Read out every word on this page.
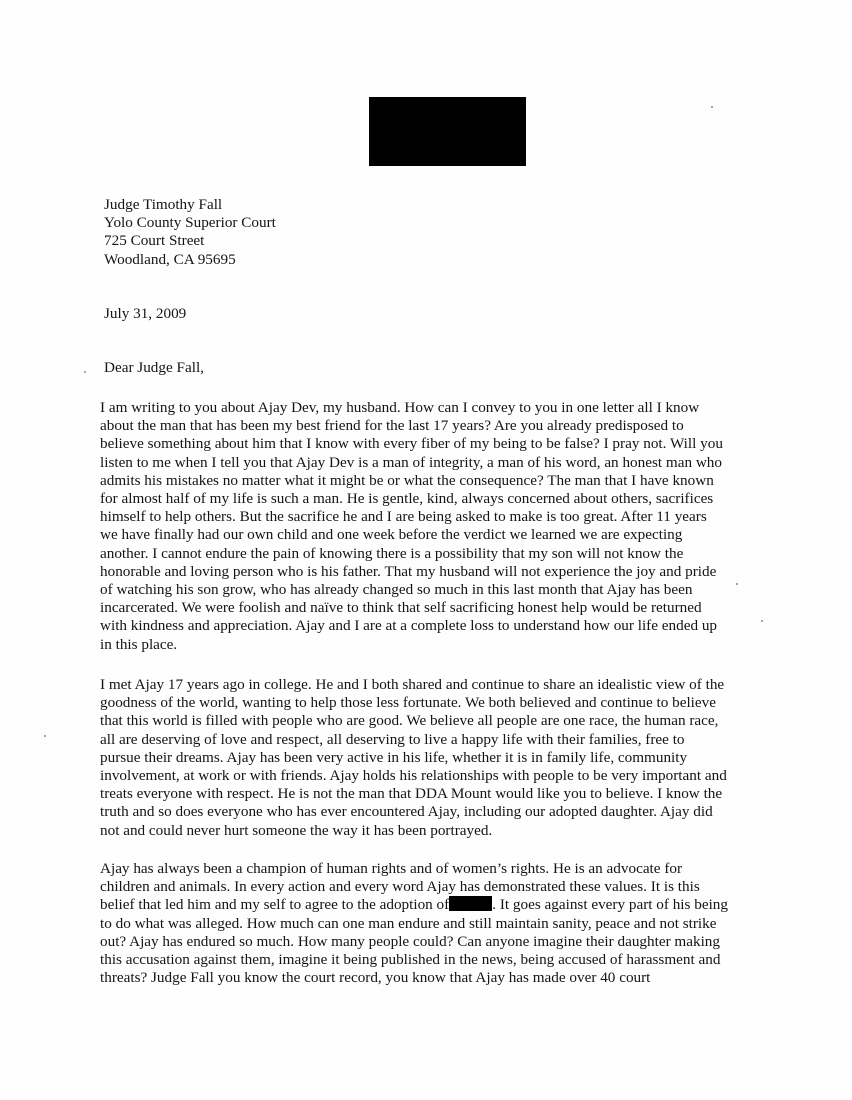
Judge Timothy Fall
Yolo County Superior Court
725 Court Street
Woodland, CA 95695
July 31, 2009
Dear Judge Fall,
I am writing to you about Ajay Dev, my husband. How can I convey to you in one letter all I know
about the man that has been my best friend for the last 17 years? Are you already predisposed to
believe something about him that I know with every fiber of my being to be false? I pray not. Will you
listen to me when I tell you that Ajay Dev is a man of integrity, a man of his word, an honest man who
admits his mistakes no matter what it might be or what the consequence? The man that I have known
for almost half of my life is such a man. He is gentle, kind, always concerned about others, sacrifices
himself to help others. But the sacrifice he and I are being asked to make is too great. After 11 years
we have finally had our own child and one week before the verdict we learned we are expecting
another. I cannot endure the pain of knowing there is a possibility that my son will not know the
honorable and loving person who is his father. That my husband will not experience the joy and pride
of watching his son grow, who has already changed so much in this last month that Ajay has been
incarcerated. We were foolish and naïve to think that self sacrificing honest help would be returned
with kindness and appreciation. Ajay and I are at a complete loss to understand how our life ended up
in this place.
I met Ajay 17 years ago in college. He and I both shared and continue to share an idealistic view of the
goodness of the world, wanting to help those less fortunate. We both believed and continue to believe
that this world is filled with people who are good. We believe all people are one race, the human race,
all are deserving of love and respect, all deserving to live a happy life with their families, free to
pursue their dreams. Ajay has been very active in his life, whether it is in family life, community
involvement, at work or with friends. Ajay holds his relationships with people to be very important and
treats everyone with respect. He is not the man that DDA Mount would like you to believe. I know the
truth and so does everyone who has ever encountered Ajay, including our adopted daughter. Ajay did
not and could never hurt someone the way it has been portrayed.
Ajay has always been a champion of human rights and of women’s rights. He is an advocate for
children and animals. In every action and every word Ajay has demonstrated these values. It is this
belief that led him and my self to agree to the adoption of	. It goes against every part of his being
to do what was alleged. How much can one man endure and still maintain sanity, peace and not strike
out? Ajay has endured so much. How many people could? Can anyone imagine their daughter making
this accusation against them, imagine it being published in the news, being accused of harassment and
threats? Judge Fall you know the court record, you know that Ajay has made over 40 court
